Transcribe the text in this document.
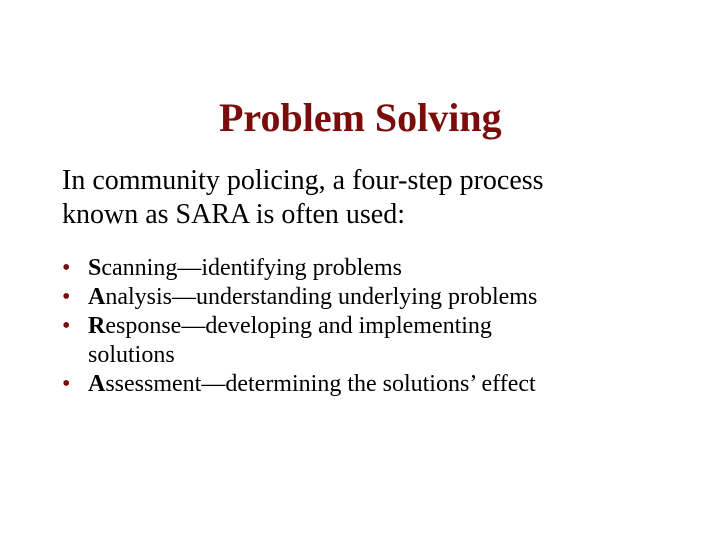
Problem Solving
In community policing, a four-step process
known as SARA is often used:
• Scanning—identifying problems
• Analysis—understanding underlying problems
• Response—developing and implementing
solutions
• Assessment—determining the solutions’ effect
